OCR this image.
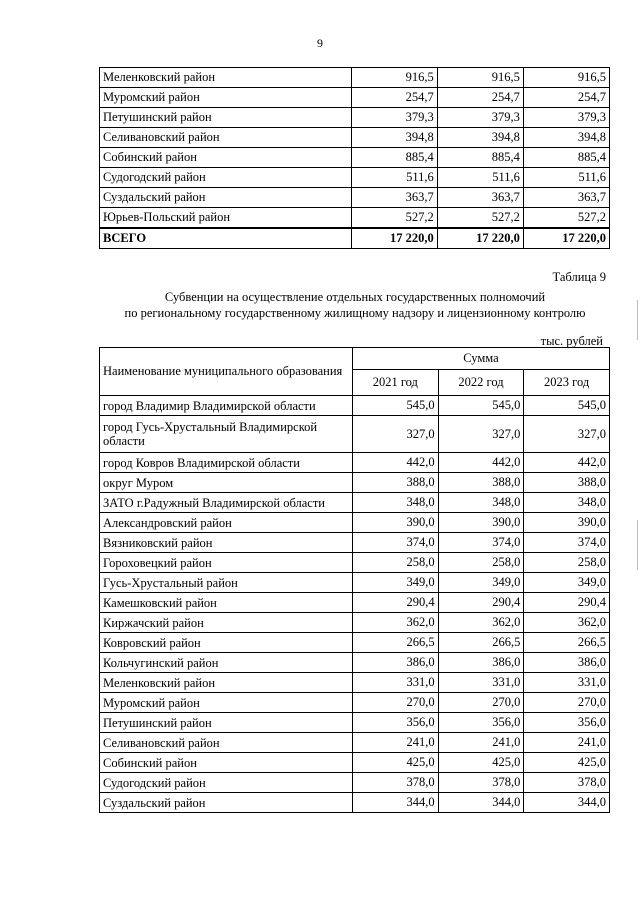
9
Меленковский район	916,5	916,5	916,5
Муромский район	254,7	254,7	254,7
Петушинский район	379,3	379,3	379,3
Селивановский район	394,8	394,8	394,8
Собинский район	885,4	885,4	885,4
Судогодский район	511,6	511,6	511,6
Суздальский район	363,7	363,7	363,7
Юрьев-Польский район	527,2	527,2	527,2
ВСЕГО	17 220,0	17 220,0	17 220,0
Таблица 9
Субвенции на осуществление отдельных государственных полномочий
по региональному государственному жилищному надзору и лицензионному контролю
тыс. рублей
Наименование муниципального образования	Сумма		
	2021 год	2022 год	2023 год
город Владимир Владимирской области	545,0	545,0	545,0
город Гусь-Хрустальный Владимирской области	327,0	327,0	327,0
город Ковров Владимирской области	442,0	442,0	442,0
округ Муром	388,0	388,0	388,0
ЗАТО г.Радужный Владимирской области	348,0	348,0	348,0
Александровский район	390,0	390,0	390,0
Вязниковский район	374,0	374,0	374,0
Гороховецкий район	258,0	258,0	258,0
Гусь-Хрустальный район	349,0	349,0	349,0
Камешковский район	290,4	290,4	290,4
Киржачский район	362,0	362,0	362,0
Ковровский район	266,5	266,5	266,5
Кольчугинский район	386,0	386,0	386,0
Меленковский район	331,0	331,0	331,0
Муромский район	270,0	270,0	270,0
Петушинский район	356,0	356,0	356,0
Селивановский район	241,0	241,0	241,0
Собинский район	425,0	425,0	425,0
Судогодский район	378,0	378,0	378,0
Суздальский район	344,0	344,0	344,0
